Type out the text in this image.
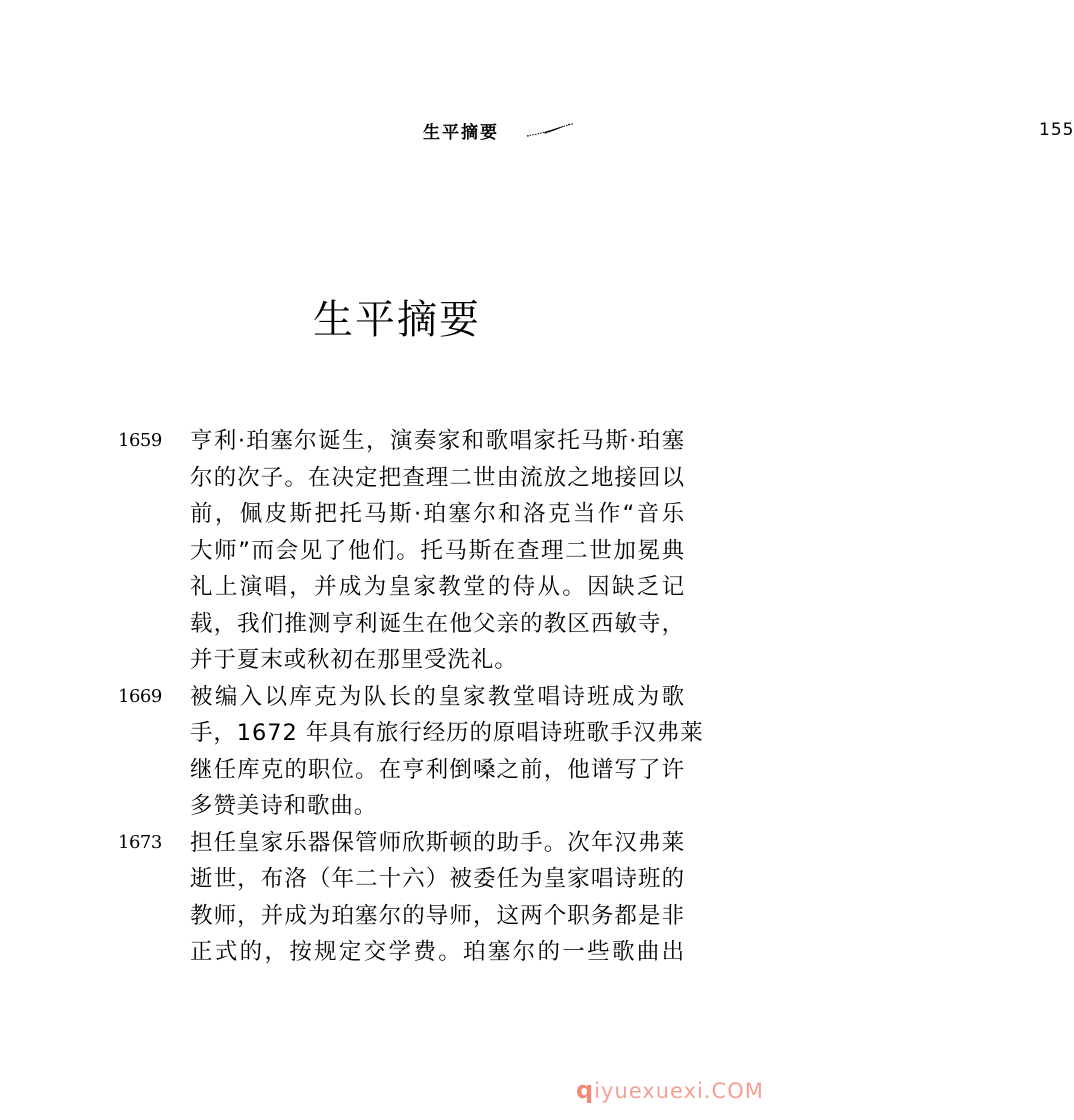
生平摘要	155
生平摘要
1659	亨利·珀塞尔诞生，演奏家和歌唱家托马斯·珀塞
尔的次子。在决定把查理二世由流放之地接回以
前，佩皮斯把托马斯·珀塞尔和洛克当作“音乐
大师”而会见了他们。托马斯在查理二世加冕典
礼上演唱，并成为皇家教堂的侍从。因缺乏记
载，我们推测亨利诞生在他父亲的教区西敏寺，
并于夏末或秋初在那里受洗礼。
1669	被编入以库克为队长的皇家教堂唱诗班成为歌
手，1672 年具有旅行经历的原唱诗班歌手汉弗莱
继任库克的职位。在亨利倒嗓之前，他谱写了许
多赞美诗和歌曲。
1673	担任皇家乐器保管师欣斯顿的助手。次年汉弗莱
逝世，布洛（年二十六）被委任为皇家唱诗班的
教师，并成为珀塞尔的导师，这两个职务都是非
正式的，按规定交学费。珀塞尔的一些歌曲出
qiyuexuexi.COM
